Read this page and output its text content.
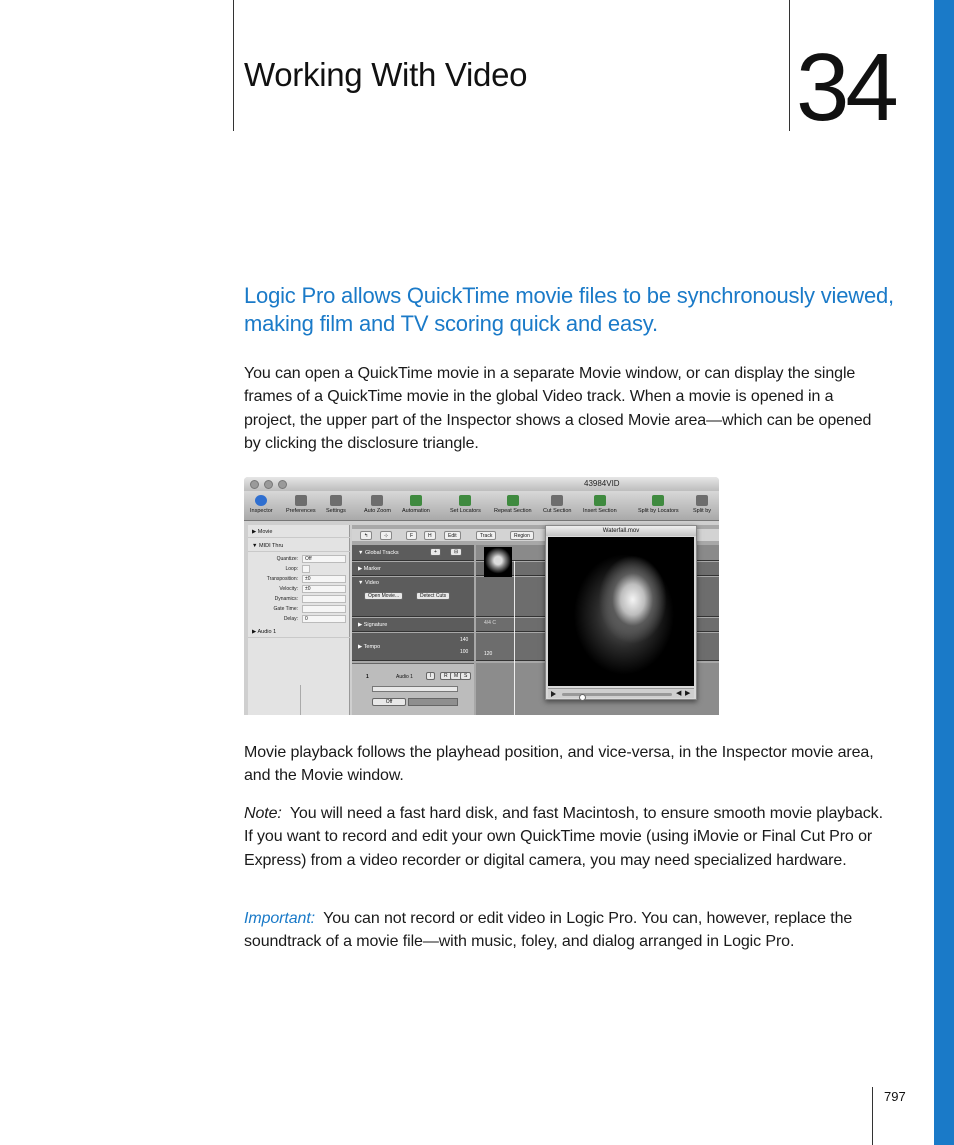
Working With Video	34

Logic Pro allows QuickTime movie files to be synchronously viewed, making film and TV scoring quick and easy.

You can open a QuickTime movie in a separate Movie window, or can display the single frames of a QuickTime movie in the global Video track. When a movie is opened in a project, the upper part of the Inspector shows a closed Movie area—which can be opened by clicking the disclosure triangle.

43984VID
Inspector Preferences Settings	Auto Zoom Automation	Set Locators Repeat Section Cut Section Insert Section	Split by Locators	Split by
▶ Movie
▼ MIDI Thru
Quantize:	Off
Loop:
Transposition:	±0
Velocity:	±0
Dynamics:
Gate Time:
Delay:	0
▶ Audio 1
↰	⊹	F	H	Edit	Track	Region
▼ Global Tracks	+	⊟
▶ Marker
▼ Video
Open Movie...	Detect Cuts
▶ Signature	4/4 C
▶ Tempo
140
100	120
1	Audio 1	I	R	M	S
Off
Waterfall.mov
◀ ▶

Movie playback follows the playhead position, and vice-versa, in the Inspector movie area, and the Movie window.

Note: You will need a fast hard disk, and fast Macintosh, to ensure smooth movie playback. If you want to record and edit your own QuickTime movie (using iMovie or Final Cut Pro or Express) from a video recorder or digital camera, you may need specialized hardware.

Important: You can not record or edit video in Logic Pro. You can, however, replace the soundtrack of a movie file—with music, foley, and dialog arranged in Logic Pro.

797
